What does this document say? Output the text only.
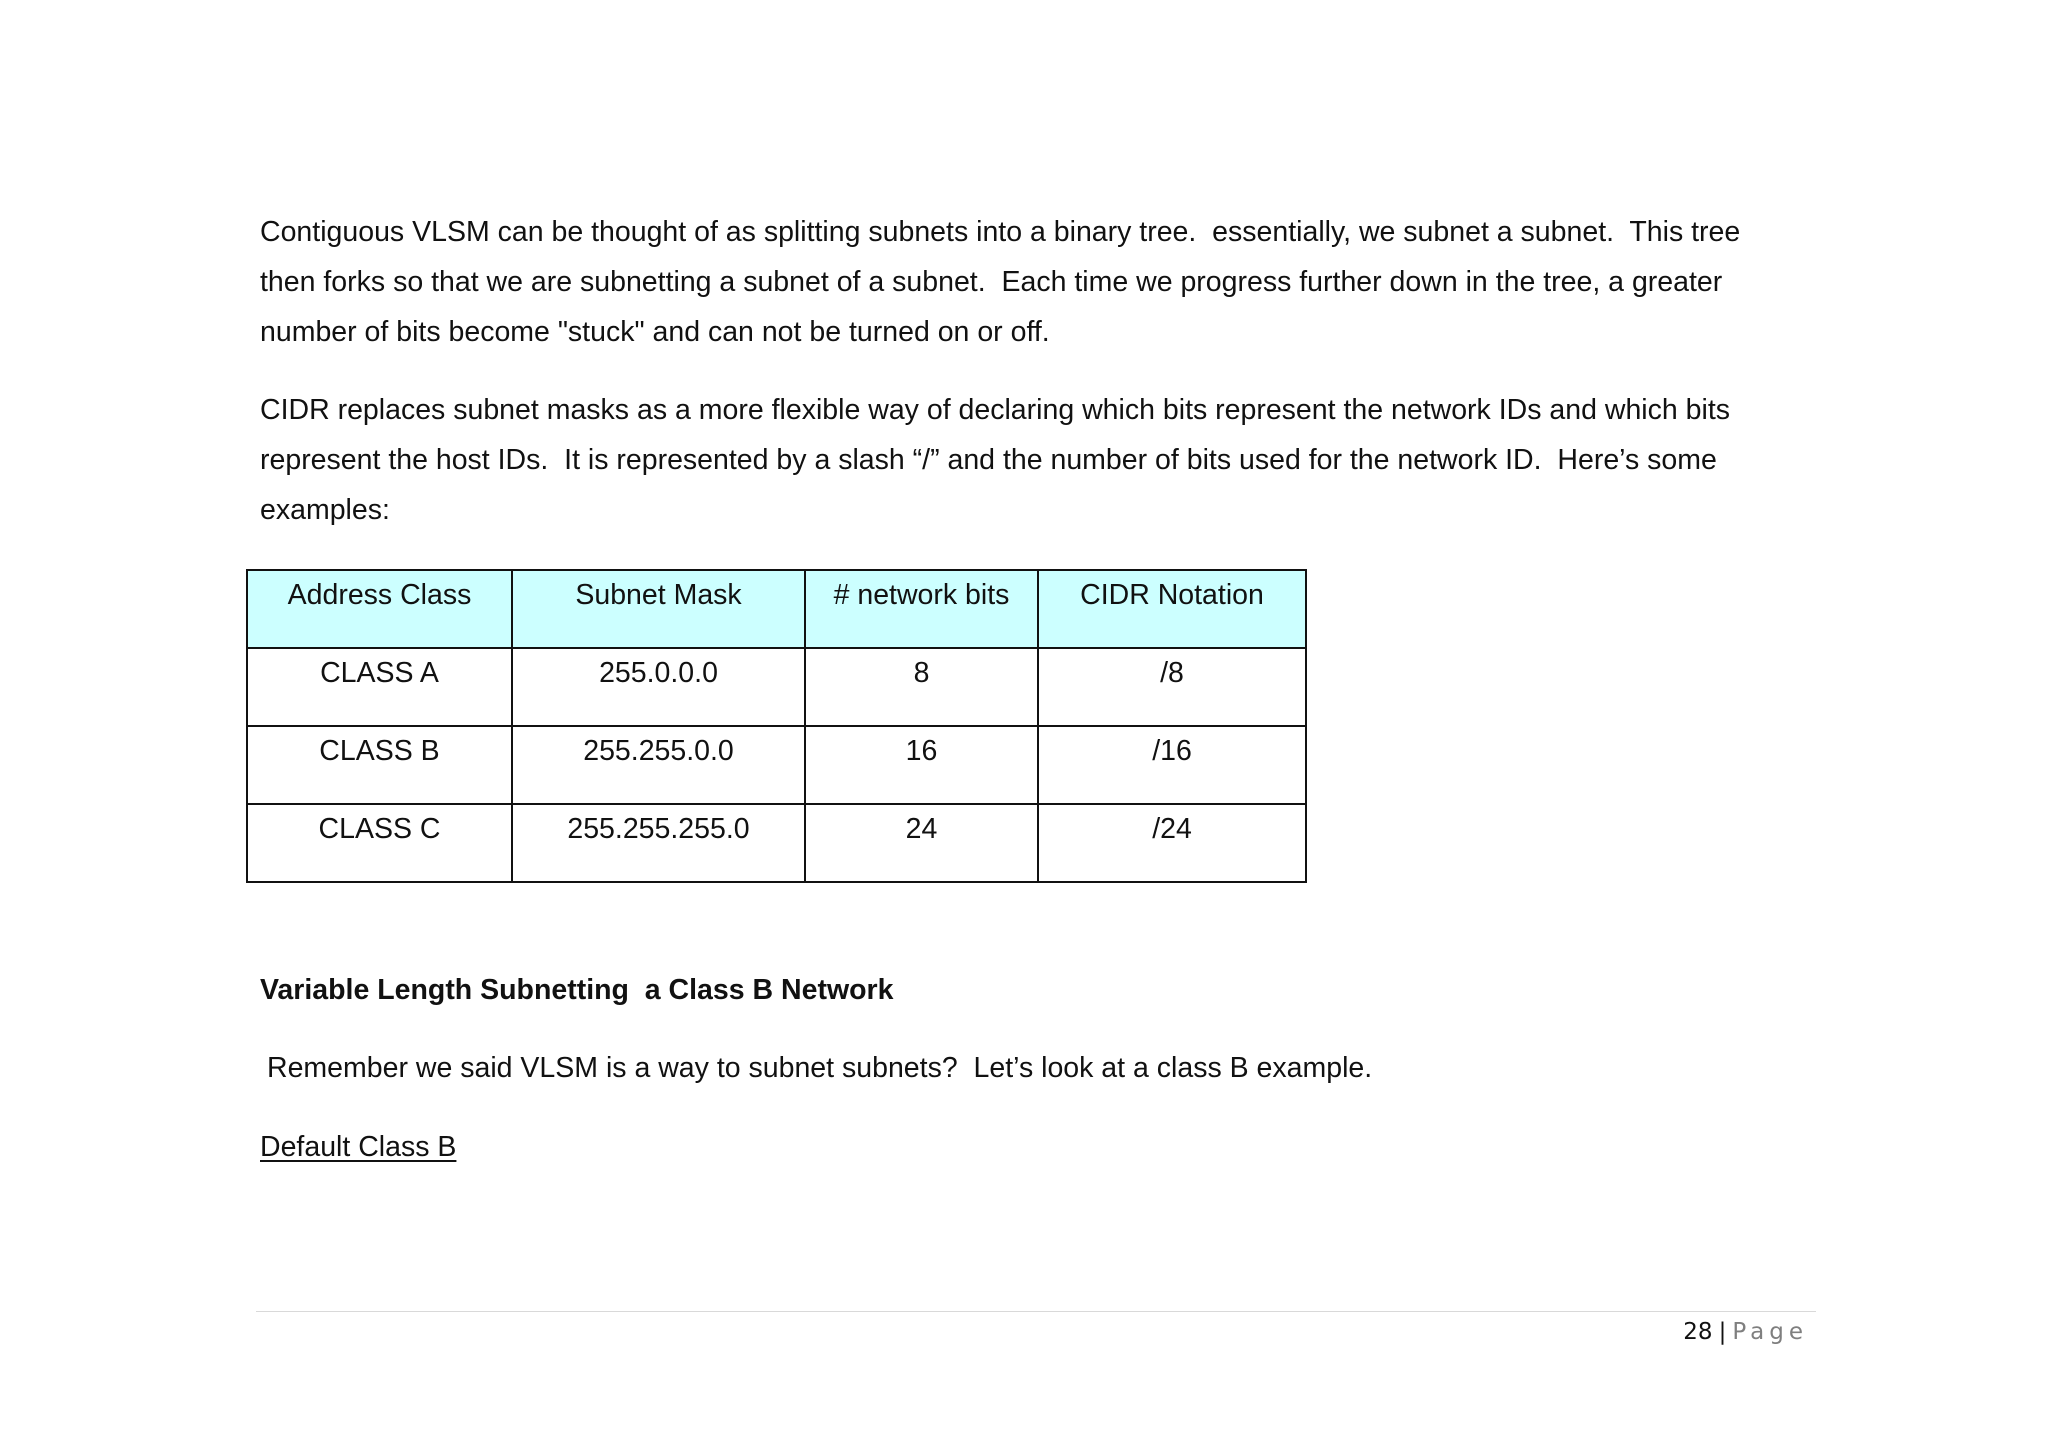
Contiguous VLSM can be thought of as splitting subnets into a binary tree.  essentially, we subnet a subnet.  This tree then forks so that we are subnetting a subnet of a subnet.  Each time we progress further down in the tree, a greater number of bits become "stuck" and can not be turned on or off.

CIDR replaces subnet masks as a more flexible way of declaring which bits represent the network IDs and which bits represent the host IDs.  It is represented by a slash “/” and the number of bits used for the network ID.  Here’s some examples:

Address Class	Subnet Mask	# network bits	CIDR Notation

CLASS A	255.0.0.0	8	/8

CLASS B	255.255.0.0	16	/16

CLASS C	255.255.255.0	24	/24

Variable Length Subnetting  a Class B Network

Remember we said VLSM is a way to subnet subnets?  Let’s look at a class B example.

Default Class B

28 | Page
